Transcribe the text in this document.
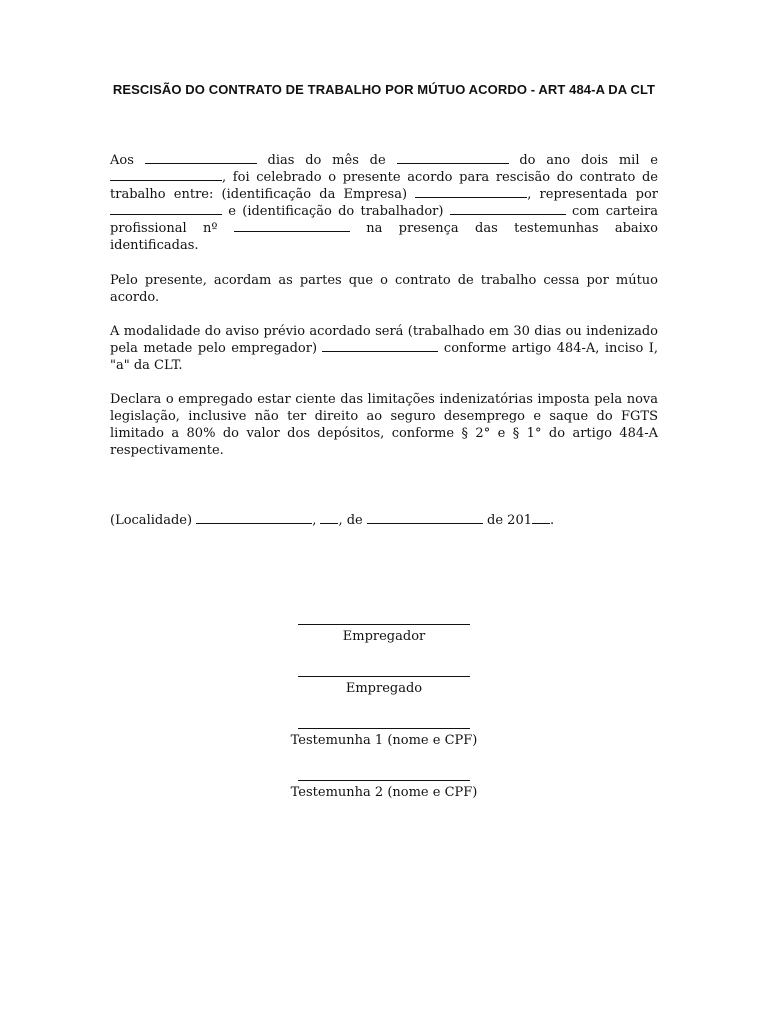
RESCISÃO DO CONTRATO DE TRABALHO POR MÚTUO ACORDO - ART 484-A DA CLT

Aos	dias do mês de	do ano dois mil e , foi celebrado o presente acordo para rescisão do contrato de trabalho entre: (identificação da Empresa)	, representada por  e (identificação do trabalhador)	com carteira profissional nº	na presença das testemunhas abaixo identificadas.

Pelo presente, acordam as partes que o contrato de trabalho cessa por mútuo acordo.

A modalidade do aviso prévio acordado será (trabalhado em 30 dias ou indenizado pela metade pelo empregador)	conforme artigo 484-A, inciso I, "a" da CLT.

Declara o empregado estar ciente das limitações indenizatórias imposta pela nova legislação, inclusive não ter direito ao seguro desemprego e saque do FGTS limitado a 80% do valor dos depósitos, conforme § 2° e § 1° do artigo 484-A respectivamente.

(Localidade)	, , de	de 201 .

Empregador
Empregado
Testemunha 1 (nome e CPF)
Testemunha 2 (nome e CPF)
